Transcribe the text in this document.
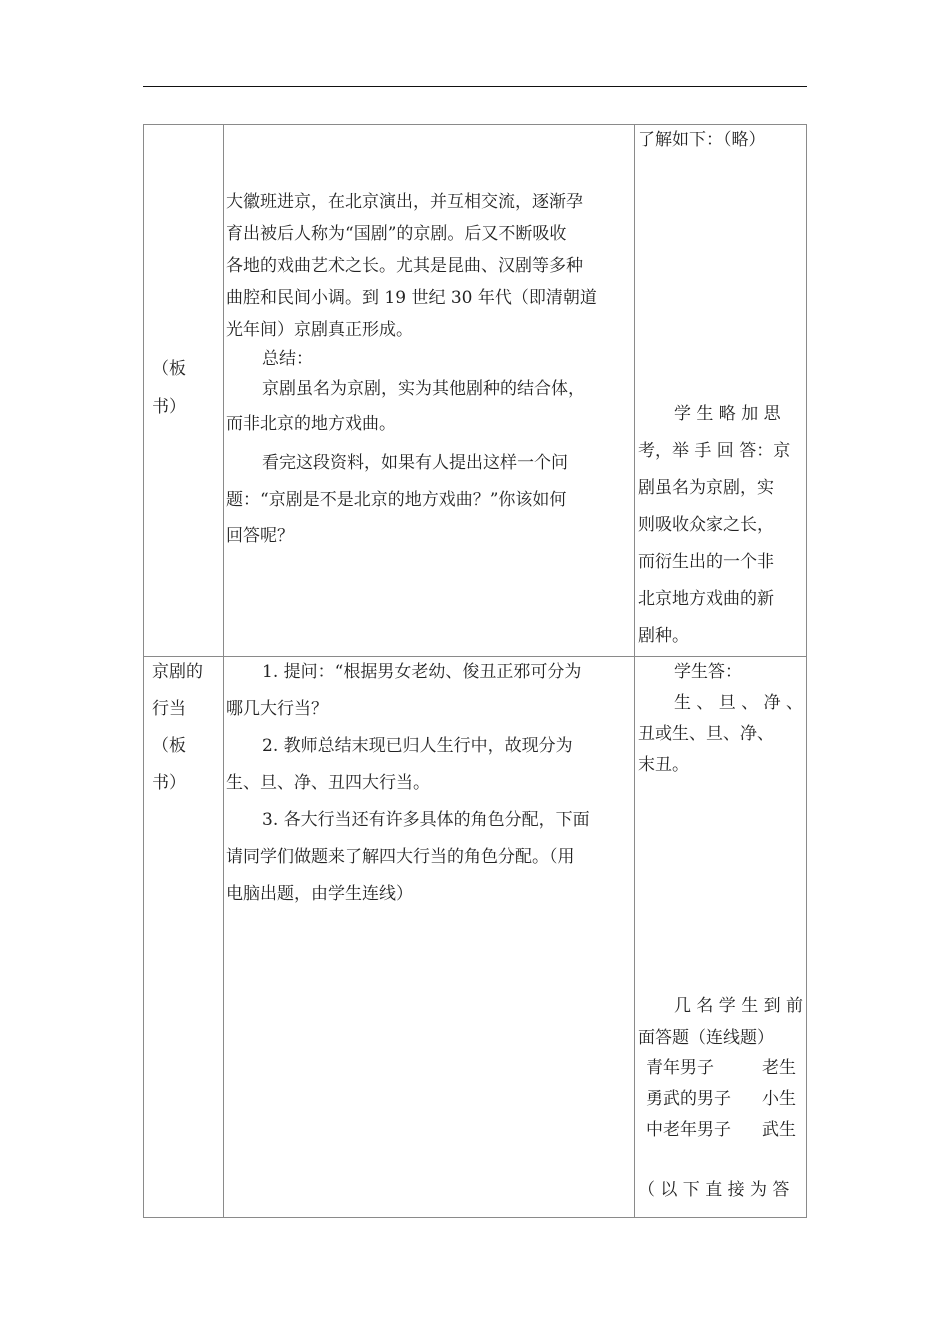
（板
书）
大徽班进京，在北京演出，并互相交流，逐渐孕
育出被后人称为“国剧”的京剧。后又不断吸收
各地的戏曲艺术之长。尤其是昆曲、汉剧等多种
曲腔和民间小调。到 19 世纪 30 年代（即清朝道
光年间）京剧真正形成。
总结：
京剧虽名为京剧，实为其他剧种的结合体，
而非北京的地方戏曲。
看完这段资料，如果有人提出这样一个问
题：“京剧是不是北京的地方戏曲？”你该如何
回答呢？
了解如下：（略）
学 生 略 加 思
考，举 手 回 答：京
剧虽名为京剧，实
则吸收众家之长，
而衍生出的一个非
北京地方戏曲的新
剧种。
京剧的
行当
（板
书）
1. 提问：“根据男女老幼、俊丑正邪可分为
哪几大行当？
2. 教师总结末现已归人生行中，故现分为
生、旦、净、丑四大行当。
3. 各大行当还有许多具体的角色分配，下面
请同学们做题来了解四大行当的角色分配。（用
电脑出题，由学生连线）
学生答：
生 、 旦 、 净 、
丑或生、旦、净、
末丑。
几 名 学 生 到 前
面答题（连线题）
青年男子	老生
勇武的男子 小生
中老年男子 武生
（ 以 下 直 接 为 答
